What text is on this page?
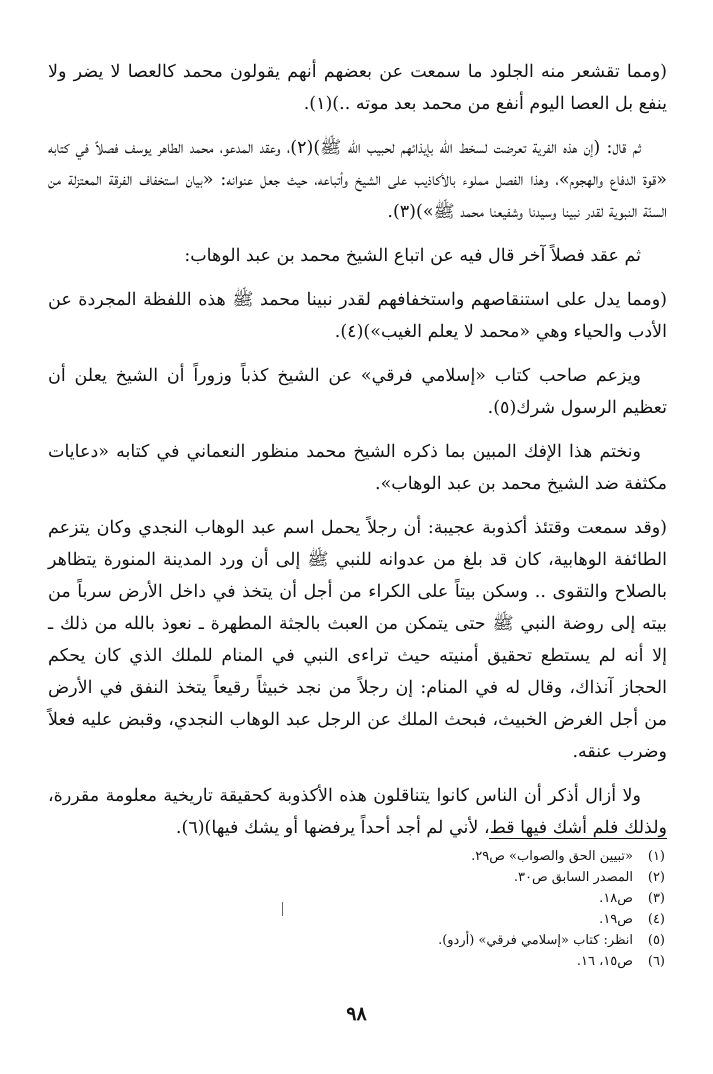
(ومما تقشعر منه الجلود ما سمعت عن بعضهم أنهم يقولون محمد كالعصا لا يضر ولا ينفع بل العصا اليوم أنفع من محمد بعد موته ..)(١).

ثم قال: (إن هذه الفرية تعرضت لسخط الله بإيذائهم لحبيب الله ﷺ)(٢)، وعقد المدعو، محمد الطاهر يوسف فصلاً في كتابه «قوة الدفاع والهجوم»، وهذا الفصل مملوء بالأكاذيب على الشيخ وأتباعه، حيث جعل عنوانه: «بيان استخفاف الفرقة المعتزلة من السنّة النبوية لقدر نبينا وسيدنا وشفيعنا محمد ﷺ»)(٣).

ثم عقد فصلاً آخر قال فيه عن اتباع الشيخ محمد بن عبد الوهاب:

(ومما يدل على استنقاصهم واستخفافهم لقدر نبينا محمد ﷺ هذه اللفظة المجردة عن الأدب والحياء وهي «محمد لا يعلم الغيب»)(٤).

ويزعم صاحب كتاب «إسلامي فرقي» عن الشيخ كذباً وزوراً أن الشيخ يعلن أن تعظيم الرسول شرك(٥).

ونختم هذا الإفك المبين بما ذكره الشيخ محمد منظور النعماني في كتابه «دعايات مكثفة ضد الشيخ محمد بن عبد الوهاب».

(وقد سمعت وقتئذ أكذوبة عجيبة: أن رجلاً يحمل اسم عبد الوهاب النجدي وكان يتزعم الطائفة الوهابية، كان قد بلغ من عدوانه للنبي ﷺ إلى أن ورد المدينة المنورة يتظاهر بالصلاح والتقوى .. وسكن بيتاً على الكراء من أجل أن يتخذ في داخل الأرض سرباً من بيته إلى روضة النبي ﷺ حتى يتمكن من العبث بالجثة المطهرة ـ نعوذ بالله من ذلك ـ إلا أنه لم يستطع تحقيق أمنيته حيث تراءى النبي في المنام للملك الذي كان يحكم الحجاز آنذاك، وقال له في المنام: إن رجلاً من نجد خبيثاً رقيعاً يتخذ النفق في الأرض من أجل الغرض الخبيث، فبحث الملك عن الرجل عبد الوهاب النجدي، وقبض عليه فعلاً وضرب عنقه.

ولا أزال أذكر أن الناس كانوا يتناقلون هذه الأكذوبة كحقيقة تاريخية معلومة مقررة، ولذلك فلم أشك فيها قط، لأني لم أجد أحداً يرفضها أو يشك فيها)(٦).

(١)
«تبيين الحق والصواب» ص٢٩.
(٢)
المصدر السابق ص٣٠.
(٣)
ص١٨.
(٤)
ص١٩.
(٥)
انظر: كتاب «إسلامي فرقي» (أردو).
(٦)
ص١٥، ١٦.
٩٨
